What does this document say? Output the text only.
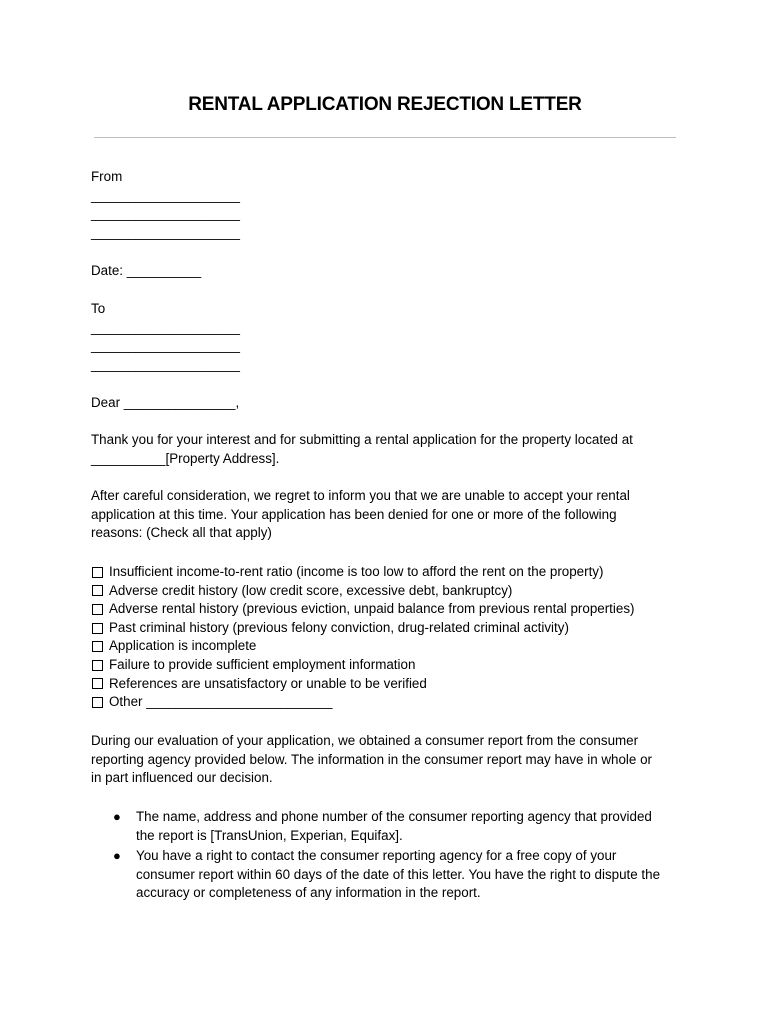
RENTAL APPLICATION REJECTION LETTER
From
____________________
____________________
____________________
Date: __________
To
____________________
____________________
____________________
Dear _______________,
Thank you for your interest and for submitting a rental application for the property located at
__________[Property Address].
After careful consideration, we regret to inform you that we are unable to accept your rental
application at this time. Your application has been denied for one or more of the following
reasons: (Check all that apply)
Insufficient income-to-rent ratio (income is too low to afford the rent on the property)
Adverse credit history (low credit score, excessive debt, bankruptcy)
Adverse rental history (previous eviction, unpaid balance from previous rental properties)
Past criminal history (previous felony conviction, drug-related criminal activity)
Application is incomplete
Failure to provide sufficient employment information
References are unsatisfactory or unable to be verified
Other _________________________
During our evaluation of your application, we obtained a consumer report from the consumer
reporting agency provided below. The information in the consumer report may have in whole or
in part influenced our decision.
● The name, address and phone number of the consumer reporting agency that provided
the report is [TransUnion, Experian, Equifax].
● You have a right to contact the consumer reporting agency for a free copy of your
consumer report within 60 days of the date of this letter. You have the right to dispute the
accuracy or completeness of any information in the report.
